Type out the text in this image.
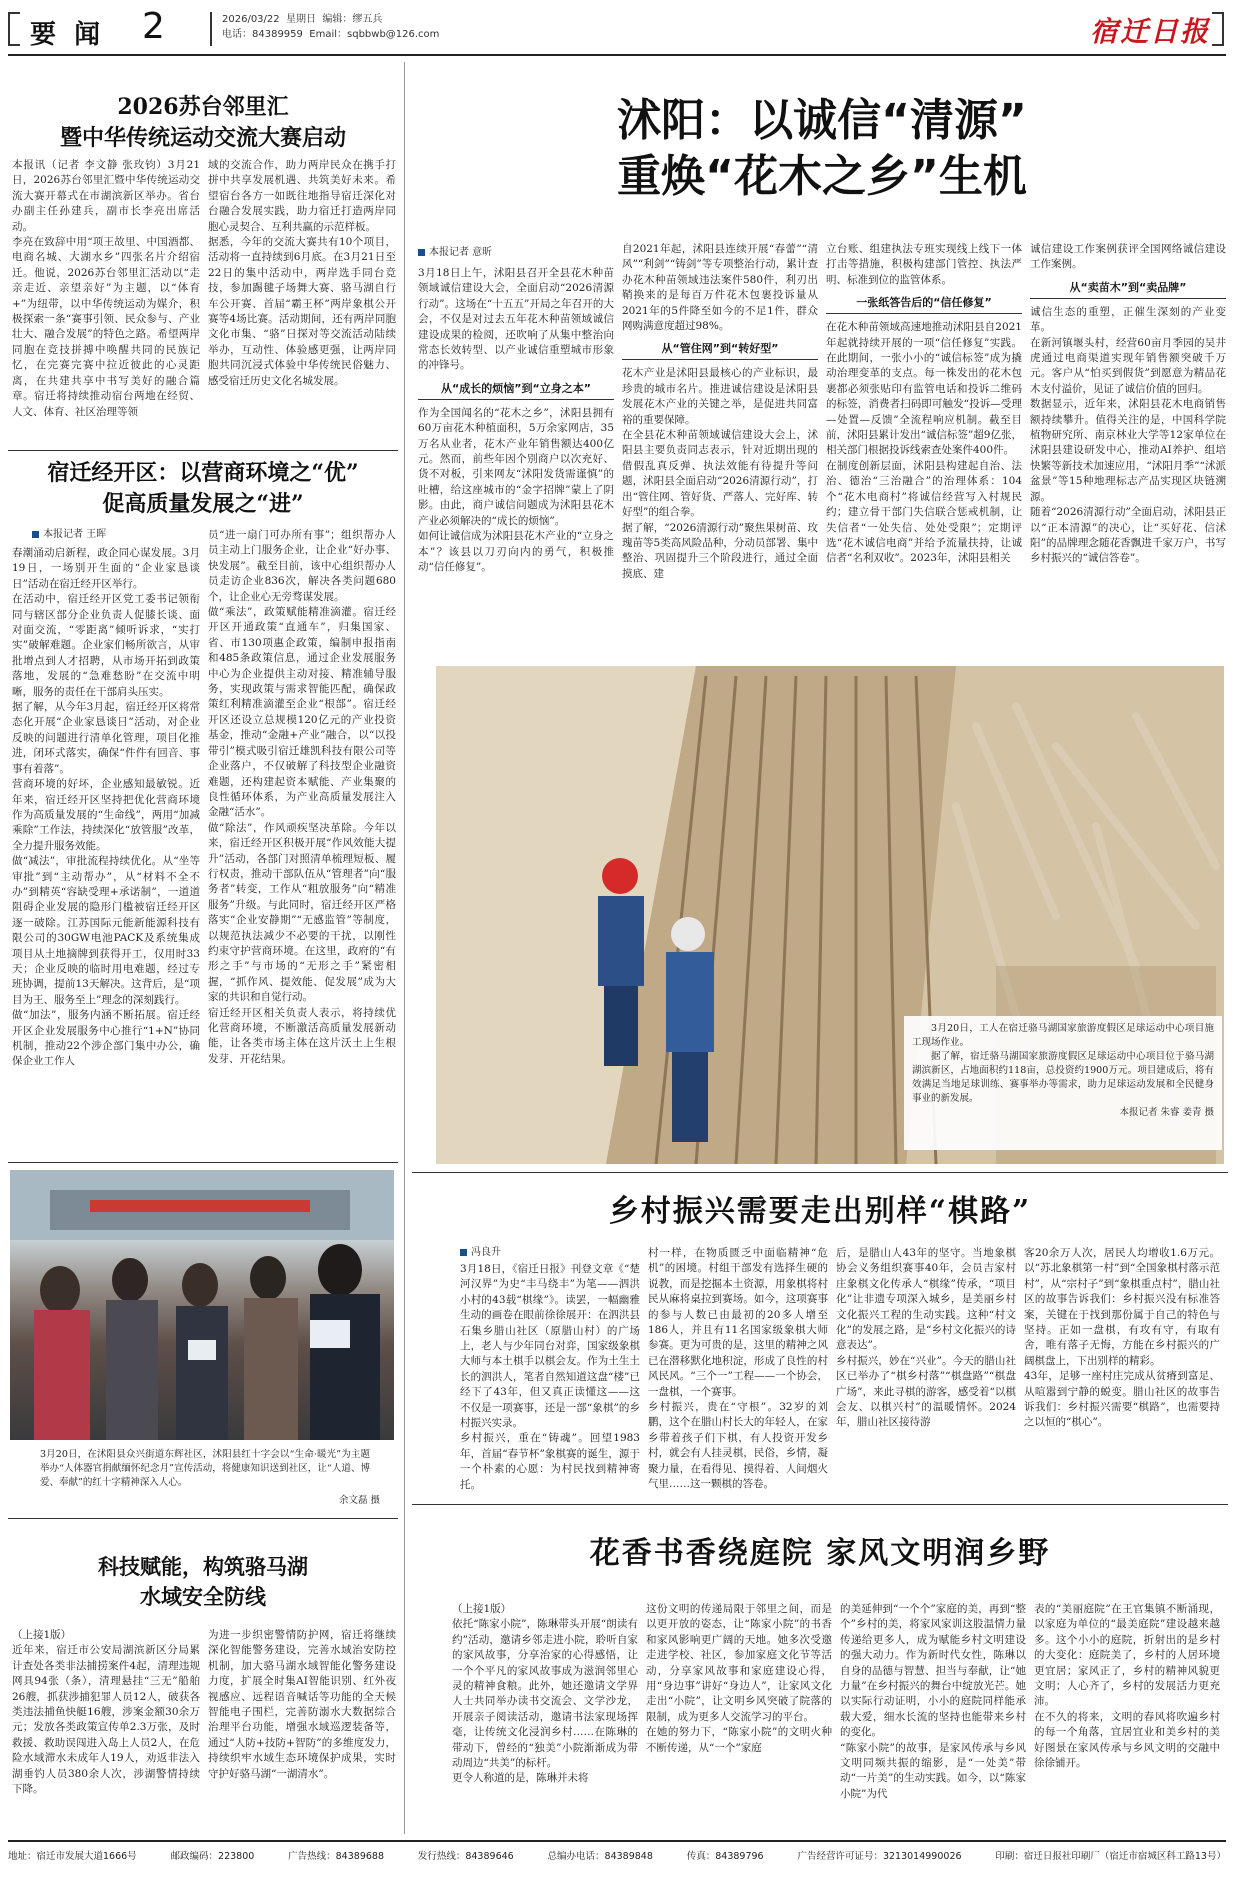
要  闻 2	2026/03/22 星期日 编辑：缪五兵
电话：84389959 Email：sqbbwb@126.com	宿迁日报
2026苏台邻里汇
暨中华传统运动交流大赛启动
本报讯（记者 李文静 张玫钧）3月21日，2026苏台邻里汇暨中华传统运动交流大赛开幕式在市湖滨新区举办。省台办副主任孙建兵，副市长李亮出席活动。
李亮在致辞中用“项王故里、中国酒都、电商名城、大湖水乡”四张名片介绍宿迁。他说，2026苏台邻里汇活动以“走亲走近、亲望亲好”为主题，以“体育+”为纽带，以中华传统运动为媒介，积极探索一条“赛事引领、民众参与、产业壮大、融合发展”的特色之路。希望两岸同胞在竞技拼搏中唤醒共同的民族记忆，在完赛完赛中拉近彼此的心灵距离，在共建共享中书写美好的融合篇章。宿迁将持续推动宿台两地在经贸、人文、体育、社区治理等领
域的交流合作，助力两岸民众在携手打拼中共享发展机遇、共筑美好未来。希望宿台各方一如既往地指导宿迁深化对台融合发展实践，助力宿迁打造两岸同胞心灵契合、互利共赢的示范样板。
据悉，今年的交流大赛共有10个项目，活动将一直持续到6月底。在3月21日至22日的集中活动中，两岸选手同台竞技，参加踢毽子场舞大赛、骆马湖自行车公开赛、首届“霸王杯”两岸象棋公开赛等4场比赛。活动期间，还有两岸同胞文化市集、“骆”日探对等交流活动陆续举办，互动性、体验感更强，让两岸同胞共同沉浸式体验中华传统民俗魅力、感受宿迁历史文化名城发展。
宿迁经开区：以营商环境之“优”
促高质量发展之“进”
本报记者 王晖
春潮涌动启新程，政企同心谋发展。3月19日，一场别开生面的“企业家恳谈日”活动在宿迁经开区举行。
在活动中，宿迁经开区党工委书记领衔同与辖区部分企业负责人促膝长谈、面对面交流，“零距离”倾听诉求，“实打实”破解难题。企业家们畅所欲言，从审批增点到人才招聘，从市场开拓到政策落地，发展的“急难愁盼”在交流中明晰，服务的责任在干部肩头压实。
据了解，从今年3月起，宿迁经开区将常态化开展“企业家恳谈日”活动，对企业反映的问题进行清单化管理，项目化推进，闭环式落实，确保“件件有回音、事事有着落”。
营商环境的好坏，企业感知最敏锐。近年来，宿迁经开区坚持把优化营商环境作为高质量发展的“生命线”，两用“加减乘除”工作法，持续深化“放管服”改革，全力提升服务效能。
做“减法”，审批流程持续优化。从“坐等审批”到“主动帮办”，从“材料不全不办”到精英“容缺受理+承诺制”，一道道阻碍企业发展的隐形门槛被宿迁经开区逐一破除。江苏国际元能新能源科技有限公司的30GW电池PACK及系统集成项目从土地摘牌到获得开工，仅用时33天；企业反映的临时用电难题，经过专班协调，提前13天解决。这背后，是“项目为王、服务至上”理念的深刻践行。
做“加法”，服务内涵不断拓展。宿迁经开区企业发展服务中心推行“1+N”协同机制，推动22个涉企部门集中办公，确保企业工作人
员“进一扇门可办所有事”；组织帮办人员主动上门服务企业，让企业“好办事、快发展”。截至目前，该中心组织帮办人员走访企业836次，解决各类问题680个，让企业心无旁骛谋发展。
做“乘法”，政策赋能精准滴灌。宿迁经开区开通政策“直通车”，归集国家、省、市130项惠企政策，编制申报指南和485条政策信息，通过企业发展服务中心为企业提供主动对接、精准辅导服务，实现政策与需求智能匹配，确保政策红利精准滴灌至企业“根部”。宿迁经开区还设立总规模120亿元的产业投资基金，推动“金融+产业”融合，以“以投带引”模式吸引宿迁雄凯科技有限公司等企业落户，不仅破解了科技型企业融资难题，还构建起资本赋能、产业集聚的良性循环体系，为产业高质量发展注入金融“活水”。
做“除法”，作风顽疾坚决革除。今年以来，宿迁经开区积极开展“作风效能大提升”活动，各部门对照清单梳理短板、履行权责，推动干部队伍从“管理者”向“服务者”转变，工作从“粗放服务”向“精准服务”升级。与此同时，宿迁经开区严格落实“企业安静期”“无感监管”等制度，以规范执法减少不必要的干扰，以刚性约束守护营商环境。在这里，政府的“有形之手”与市场的“无形之手”紧密相握，“抓作风、提效能、促发展”成为大家的共识和自觉行动。
宿迁经开区相关负责人表示，将持续优化营商环境，不断激活高质量发展新动能，让各类市场主体在这片沃土上生根发芽、开花结果。
3月20日，在沭阳县众兴街道东辉社区，沭阳县红十字会以“生命·暖光”为主题举办“人体器官捐献缅怀纪念月”宣传活动，将健康知识送到社区，让“人道、博爱、奉献”的红十字精神深入人心。
余文磊 摄
科技赋能，构筑骆马湖
水域安全防线
（上接1版）
近年来，宿迁市公安局湖滨新区分局累计查处各类非法捕捞案件4起，清理违规网具94张（条），清理悬挂“三无”船舶26艘，抓获涉捕犯罪人员12人，破获各类违法捕鱼快艇16艘，涉案金额30余万元；发放各类政策宣传单2.3万张，及时救援、救助误闯进入岛上人员2人，在危险水域滞水未成年人19人，劝返非法入湖垂钓人员380余人次，涉湖警情持续下降。
为进一步织密警情防护网，宿迁将继续深化智能警务建设，完善水域治安防控机制，加大骆马湖水域智能化警务建设力度，扩展全时集AI智能识别、红外夜视感应、远程语音喊话等功能的全天候智能电子围栏，完善防溺水大数据综合治理平台功能，增强水域巡逻装备等，通过“人防+技防+智防”的多维度发力，持续织牢水域生态环境保护成果，实时守护好骆马湖“一湖清水”。
沭阳：以诚信“清源”
重焕“花木之乡”生机
本报记者 意昕
3月18日上午，沭阳县召开全县花木种苗领域诚信建设大会，全面启动“2026清源行动”。这场在“十五五”开局之年召开的大会，不仅是对过去五年花木种苗领域诚信建设成果的检阅，还吹响了从集中整治向常态长效转型、以产业诚信重塑城市形象的冲锋号。
从“成长的烦恼”到“立身之本”
作为全国闻名的“花木之乡”，沭阳县拥有60万亩花木种植面积，5万余家网店，35万名从业者，花木产业年销售额达400亿元。然而，前些年因个别商户以次充好、货不对板，引来网友“沭阳发货需谨慎”的吐槽，给这座城市的“金字招牌”蒙上了阴影。由此，商户诚信问题成为沭阳县花木产业必须解决的“成长的烦恼”。
如何让诚信成为沭阳县花木产业的“立身之本”？该县以刀刃向内的勇气，积极推动“信任修复”。
自2021年起，沭阳县连续开展“春蕾”“清风”“利剑”“铸剑”等专项整治行动，累计查办花木种苗领域违法案件580件，利刃出鞘换来的是每百万件花木包裹投诉量从2021年的5件降至如今的不足1件，群众网购满意度超过98%。
从“管住网”到“转好型”
花木产业是沭阳县最核心的产业标识，最珍贵的城市名片。推进诚信建设是沭阳县发展花木产业的关键之举，是促进共同富裕的重要保障。
在全县花木种苗领域诚信建设大会上，沭阳县主要负责同志表示，针对近期出现的借假乱真反弹、执法效能有待提升等问题，沭阳县全面启动“2026清源行动”，打出“管住网、管好货、严落人、完好库、转好型”的组合拳。
据了解，“2026清源行动”聚焦果树苗、玫瑰苗等5类高风险品种，分动员部署、集中整治、巩固提升三个阶段进行，通过全面摸底、建
立台账、组建执法专班实现线上线下一体打击等措施，积极构建部门管控、执法严明、标准到位的监管体系。
一张纸答告后的“信任修复”
在花木种苗领域高速地推动沭阳县自2021年起就持续开展的一项“信任修复”实践。在此期间，一张小小的“诚信标签”成为撬动治理变革的支点。每一株发出的花木包裹都必须张贴印有监管电话和投诉二维码的标签，消费者扫码即可触发“投诉—受理—处置—反馈”全流程响应机制。截至目前，沭阳县累计发出“诚信标签”超9亿张，相关部门根据投诉线索查处案件400件。
在制度创新层面，沭阳县构建起自治、法治、德治“三治融合”的治理体系：104个“花木电商村”将诚信经营写入村规民约；建立骨干部门失信联合惩戒机制，让失信者“一处失信、处处受限”；定期评选“花木诚信电商”并给予流量扶持，让诚信者“名利双收”。2023年，沭阳县相关
诚信建设工作案例获评全国网络诚信建设工作案例。
从“卖苗木”到“卖品牌”
诚信生态的重塑，正催生深刻的产业变革。
在新河镇堰头村，经营60亩月季园的吴井虎通过电商渠道实现年销售额突破千万元。客户从“怕买到假货”到愿意为精品花木支付溢价，见证了诚信价值的回归。
数据显示，近年来，沭阳县花木电商销售额持续攀升。值得关注的是，中国科学院植物研究所、南京林业大学等12家单位在沭阳县建设研发中心，推动AI养护、组培快繁等新技术加速应用，“沭阳月季”“沭派盆景”等15种地理标志产品实现区块链溯源。
随着“2026清源行动”全面启动，沭阳县正以“正本清源”的决心，让“买好花、信沭阳”的品牌理念随花香飘进千家万户，书写乡村振兴的“诚信答卷”。
3月20日，工人在宿迁骆马湖国家旅游度假区足球运动中心项目施工现场作业。
据了解，宿迁骆马湖国家旅游度假区足球运动中心项目位于骆马湖湖滨新区，占地面积约118亩，总投资约1900万元。项目建成后，将有效满足当地足球训练、赛事举办等需求，助力足球运动发展和全民健身事业的新发展。
本报记者 朱睿 姜青 摄
乡村振兴需要走出别样“棋路”
冯良升
3月18日，《宿迁日报》刊登文章《“楚河汉界”为史“丰马绕丰”为笔——泗洪小村的43载“棋缘”》。读罢，一幅幽雅生动的画卷在眼前徐徐展开：在泗洪县石集乡腊山社区（原腊山村）的广场上，老人与少年同台对弈，国家级象棋大师与本土棋手以棋会友。作为土生土长的泗洪人，笔者自然知道这盘“楼”已经下了43年，但又真正读懂这——这不仅是一项赛事，还是一部“象棋”的乡村振兴实录。
乡村振兴，重在“铸魂”。回望1983年，首届“春节杯”象棋赛的诞生，源于一个朴素的心愿：为村民找到精神寄托。
村一样，在物质匮乏中面临精神“危机”的困境。村组干部发有选择生硬的说教，而是挖掘本土资源，用象棋将村民从麻将桌拉到赛场。如今，这项赛事的参与人数已由最初的20多人增至186人，并且有11名国家级象棋大师参赛。更为可贵的是，这里的精神之风已在潜移默化地积淀，形成了良性的村风民风。“三个一”工程——一个协会，一盘棋，一个赛事。
乡村振兴，贵在“守根”。32岁的刘鹏，这个在腊山村长大的年轻人，在家乡带着孩子们下棋，有人投资开发乡村，就会有人挂灵棋，民俗，乡情，凝聚力量，在看得见、摸得着、人间烟火气里……这一颗棋的答卷。
后，是腊山人43年的坚守。当地象棋协会义务组织赛事40年，会员吉家村庄象棋文化传承人“棋缘”传承，“项目化”让非遗专项深入城乡，是美丽乡村文化振兴工程的生动实践。这种“村文化”的发展之路，是“乡村文化振兴的诗意表达”。
乡村振兴，妙在“兴业”。今天的腊山社区已举办了“棋乡村落”“棋盘路”“棋盘广场”，来此寻棋的游客，感受着“以棋会友、以棋兴村”的温暖情怀。2024年，腊山社区接待游
客20余万人次，居民人均增收1.6万元。以“苏北象棋第一村”到“全国象棋村落示范村”，从“宗村子”到“象棋重点村”，腊山社区的故事告诉我们：乡村振兴没有标准答案，关键在于找到那份属于自己的特色与坚持。正如一盘棋，有攻有守，有取有舍，唯有落子无悔，方能在乡村振兴的广阔棋盘上，下出别样的精彩。
43年，足够一座村庄完成从贫瘠到富足、从喧嚣到宁静的蜕变。腊山社区的故事告诉我们：乡村振兴需要“棋路”，也需要持之以恒的“棋心”。
花香书香绕庭院 家风文明润乡野
（上接1版）
依托“陈家小院”，陈琳带头开展“朗读有约”活动，邀请乡邻走进小院，聆听自家的家风故事，分享治家的心得感悟，让一个个平凡的家风故事成为滋润邻里心灵的精神食粮。此外，她还邀请文学界人士共同举办读书交流会、文学沙龙，开展亲子阅读活动，邀请书法家现场挥毫，让传统文化浸润乡村……在陈琳的带动下，曾经的“独美”小院渐渐成为带动周边“共美”的标杆。
更令人称道的是，陈琳并未将
这份文明的传递局限于邻里之间，而是以更开放的姿态，让“陈家小院”的书香和家风影响更广阔的天地。她多次受邀走进学校、社区，参加家庭文化节等活动，分享家风故事和家庭建设心得，用“身边事”讲好“身边人”，让家风文化走出“小院”，让文明乡风突破了院落的限制，成为更多人交流学习的平台。
在她的努力下，“陈家小院”的文明火种不断传递，从“一个”家庭
的美延伸到“一个个”家庭的美，再到“整个”乡村的美，将家风家训这股温情力量传递给更多人，成为赋能乡村文明建设的强大动力。作为新时代女性，陈琳以自身的品德与智慧、担当与奉献，让“她力量”在乡村振兴的舞台中绽放光芒。她以实际行动证明，小小的庭院同样能承载大爱，细水长流的坚持也能带来乡村的变化。
“陈家小院”的故事，是家风传承与乡风文明同频共振的缩影，是“一处美”带动“一片美”的生动实践。如今，以“陈家小院”为代
表的“美丽庭院”在王官集镇不断涌现，以家庭为单位的“最美庭院”建设越来越多。这个小小的庭院，折射出的是乡村的大变化：庭院美了，乡村的人居环境更宜居；家风正了，乡村的精神风貌更文明；人心齐了，乡村的发展活力更充沛。
在不久的将来，文明的春风将吹遍乡村的每一个角落，宜居宜业和美乡村的美好图景在家风传承与乡风文明的交融中徐徐铺开。
地址：宿迁市发展大道1666号	邮政编码：223800	广告热线：84389688	发行热线：84389646	总编办电话：84389848	传真：84389796	广告经营许可证号：3213014990026	印刷：宿迁日报社印刷厂（宿迁市宿城区科工路13号）
